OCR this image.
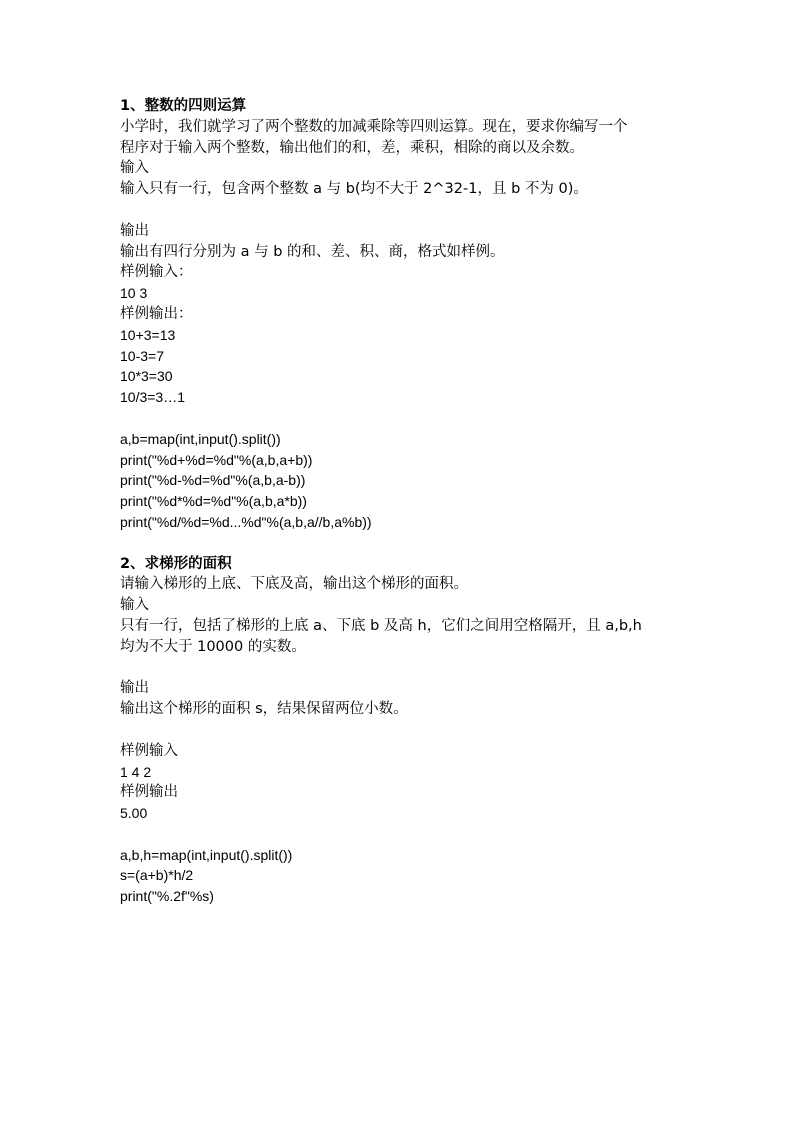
1、整数的四则运算
小学时，我们就学习了两个整数的加减乘除等四则运算。现在，要求你编写一个
程序对于输入两个整数，输出他们的和，差，乘积，相除的商以及余数。
输入
输入只有一行，包含两个整数 a 与 b(均不大于 2^32-1，且 b 不为 0)。
输出
输出有四行分别为 a 与 b 的和、差、积、商，格式如样例。
样例输入：
10 3
样例输出：
10+3=13
10-3=7
10*3=30
10/3=3…1
a,b=map(int,input().split())
print("%d+%d=%d"%(a,b,a+b))
print("%d-%d=%d"%(a,b,a-b))
print("%d*%d=%d"%(a,b,a*b))
print("%d/%d=%d...%d"%(a,b,a//b,a%b))
2、求梯形的面积
请输入梯形的上底、下底及高，输出这个梯形的面积。
输入
只有一行，包括了梯形的上底 a、下底 b 及高 h，它们之间用空格隔开，且 a,b,h
均为不大于 10000 的实数。
输出
输出这个梯形的面积 s，结果保留两位小数。
样例输入
1 4 2
样例输出
5.00
a,b,h=map(int,input().split())
s=(a+b)*h/2
print("%.2f"%s)
